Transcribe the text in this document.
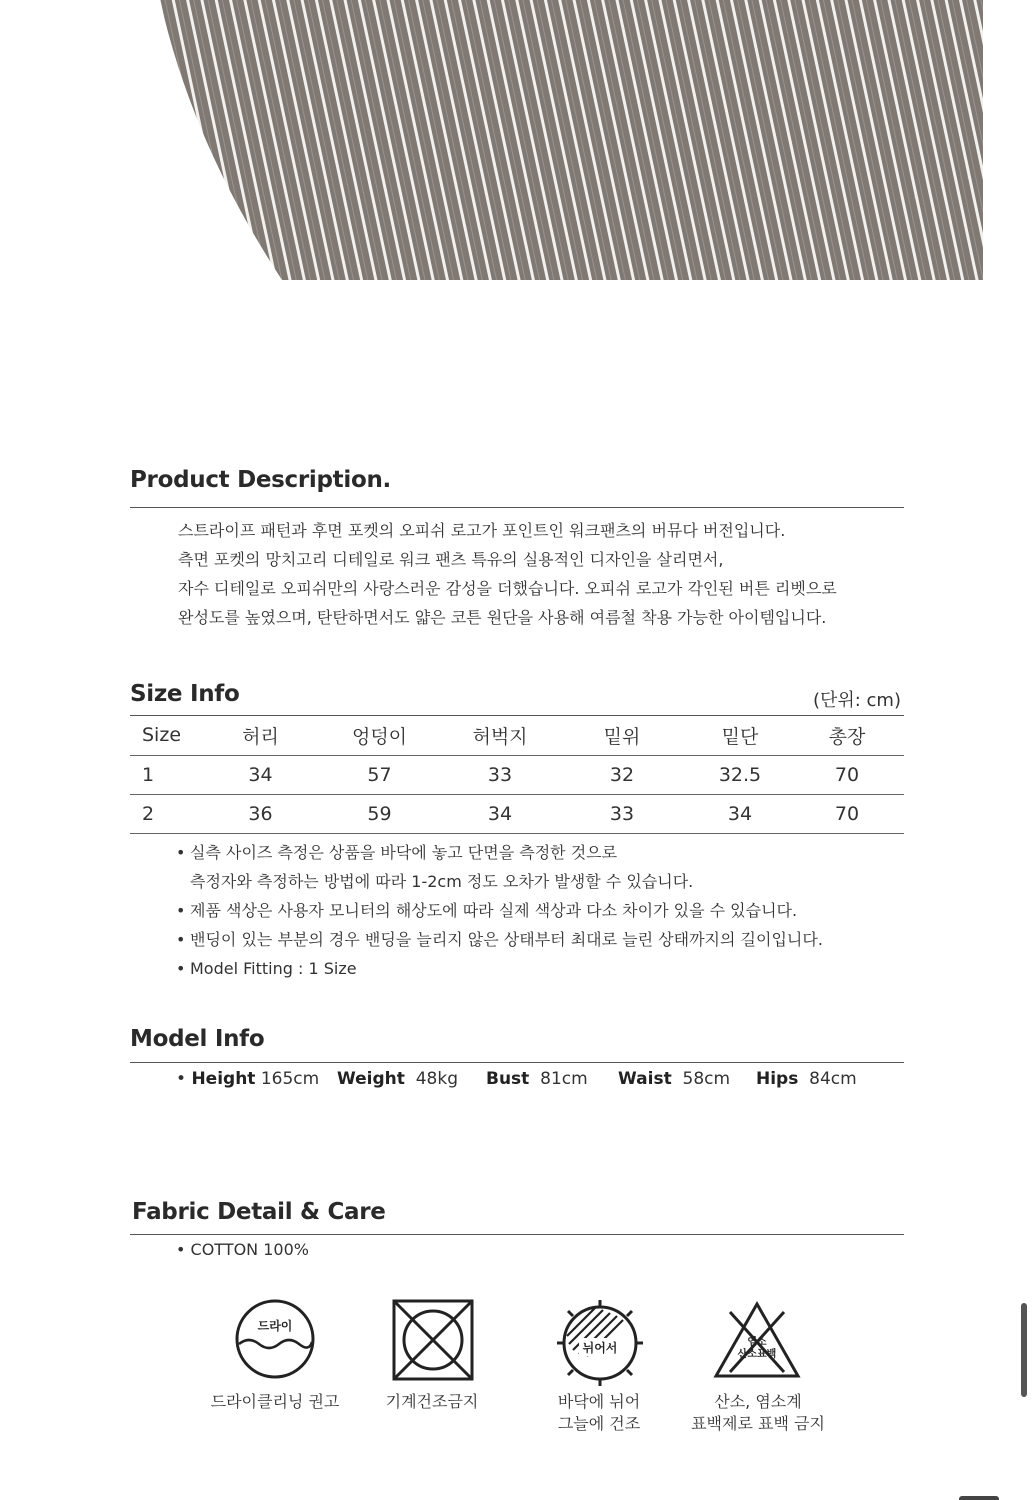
Product Description.
스트라이프 패턴과 후면 포켓의 오피쉬 로고가 포인트인 워크팬츠의 버뮤다 버전입니다.
측면 포켓의 망치고리 디테일로 워크 팬츠 특유의 실용적인 디자인을 살리면서,
자수 디테일로 오피쉬만의 사랑스러운 감성을 더했습니다. 오피쉬 로고가 각인된 버튼 리벳으로
완성도를 높였으며, 탄탄하면서도 얇은 코튼 원단을 사용해 여름철 착용 가능한 아이템입니다.
Size Info	(단위: cm)
Size	허리	엉덩이	허벅지	밑위	밑단	총장
1	34	57	33	32	32.5	70
2	36	59	34	33	34	70
• 실측 사이즈 측정은 상품을 바닥에 놓고 단면을 측정한 것으로
측정자와 측정하는 방법에 따라 1-2cm 정도 오차가 발생할 수 있습니다.
• 제품 색상은 사용자 모니터의 해상도에 따라 실제 색상과 다소 차이가 있을 수 있습니다.
• 밴딩이 있는 부분의 경우 밴딩을 늘리지 않은 상태부터 최대로 늘린 상태까지의 길이입니다.
• Model Fitting : 1 Size
Model Info
• Height 165cm Weight 48kg Bust 81cm Waist 58cm Hips 84cm
Fabric Detail & Care
• COTTON 100%
드라이
드라이클리닝 권고	기계건조금지
뉘어서
바닥에 뉘어
그늘에 건조
염소
산소표백
산소, 염소계
표백제로 표백 금지
